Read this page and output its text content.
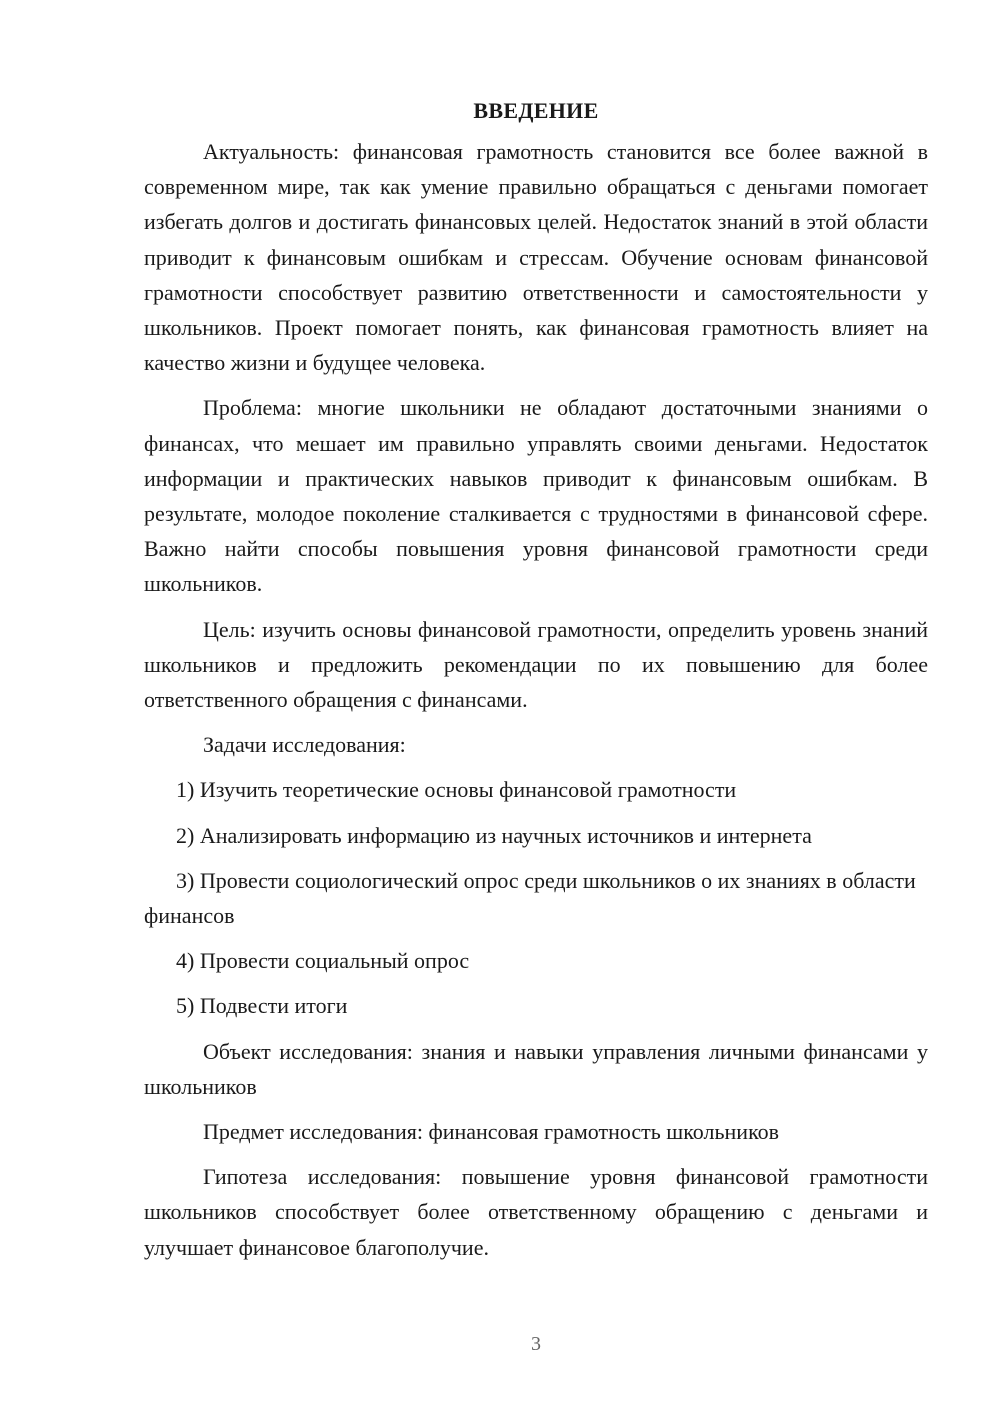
ВВЕДЕНИЕ

Актуальность: финансовая грамотность становится все более важной в современном мире, так как умение правильно обращаться с деньгами помогает избегать долгов и достигать финансовых целей. Недостаток знаний в этой области приводит к финансовым ошибкам и стрессам. Обучение основам финансовой грамотности способствует развитию ответственности и самостоятельности у школьников. Проект помогает понять, как финансовая грамотность влияет на качество жизни и будущее человека.

Проблема: многие школьники не обладают достаточными знаниями о финансах, что мешает им правильно управлять своими деньгами. Недостаток информации и практических навыков приводит к финансовым ошибкам. В результате, молодое поколение сталкивается с трудностями в финансовой сфере. Важно найти способы повышения уровня финансовой грамотности среди школьников.

Цель: изучить основы финансовой грамотности, определить уровень знаний школьников и предложить рекомендации по их повышению для более ответственного обращения с финансами.

Задачи исследования:

1) Изучить теоретические основы финансовой грамотности

2) Анализировать информацию из научных источников и интернета

3) Провести социологический опрос среди школьников о их знаниях в области финансов

4) Провести социальный опрос

5) Подвести итоги

Объект исследования: знания и навыки управления личными финансами у школьников

Предмет исследования: финансовая грамотность школьников

Гипотеза исследования: повышение уровня финансовой грамотности школьников способствует более ответственному обращению с деньгами и улучшает финансовое благополучие.

3
